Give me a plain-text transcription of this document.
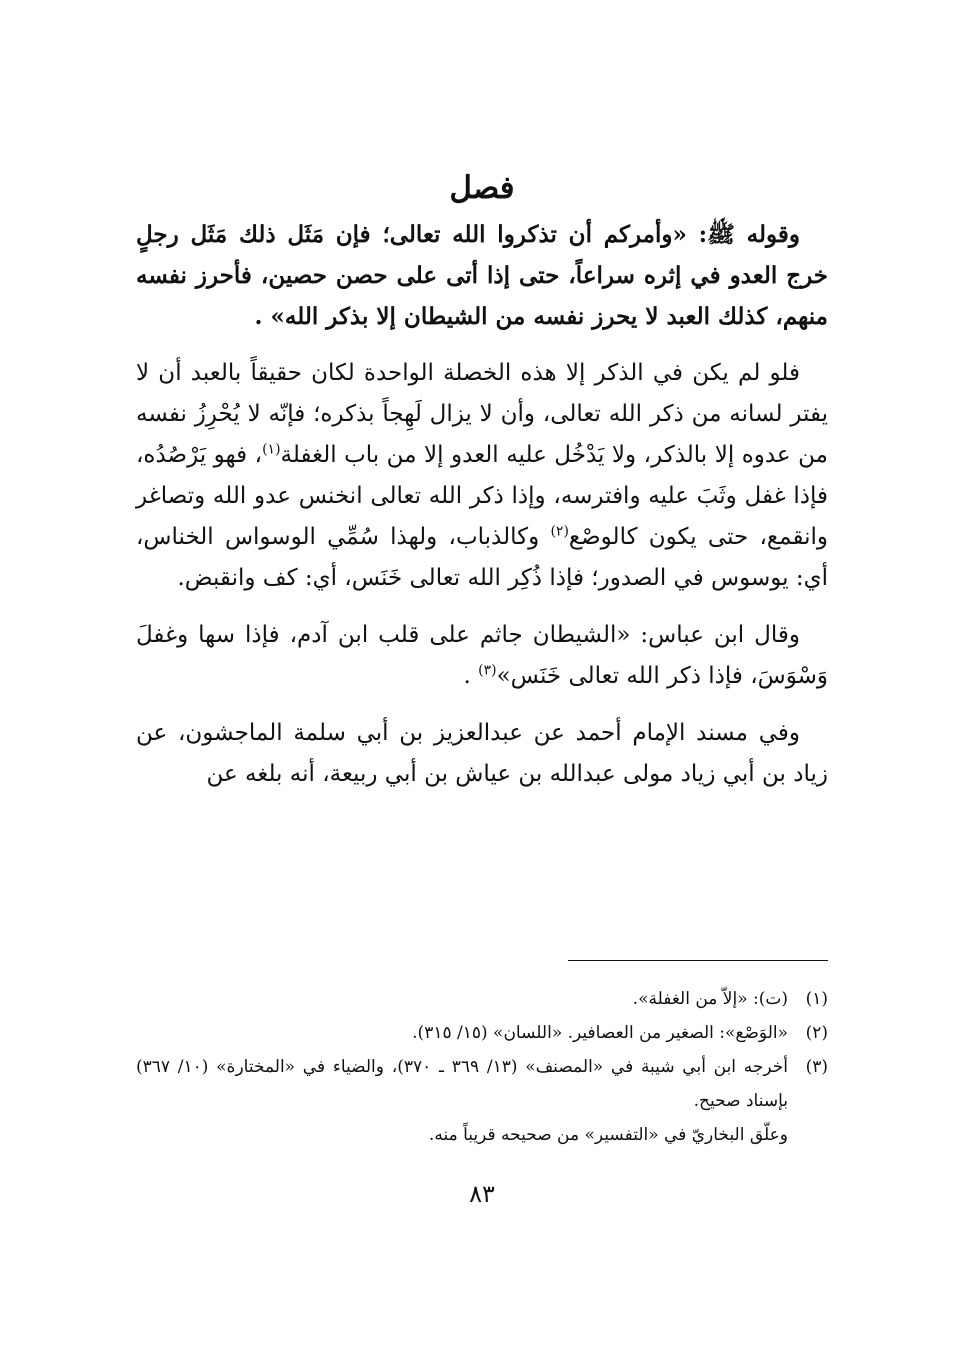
فصل

وقوله ﷺ: «وأمركم أن تذكروا الله تعالى؛ فإن مَثَل ذلك مَثَل رجلٍ خرج العدو في إثره سراعاً، حتى إذا أتى على حصن حصين، فأحرز نفسه منهم، كذلك العبد لا يحرز نفسه من الشيطان إلا بذكر الله» .

فلو لم يكن في الذكر إلا هذه الخصلة الواحدة لكان حقيقاً بالعبد أن لا يفتر لسانه من ذكر الله تعالى، وأن لا يزال لَهِجاً بذكره؛ فإنّه لا يُحْرِزُ نفسه من عدوه إلا بالذكر، ولا يَدْخُل عليه العدو إلا من باب الغفلة$^{(١)}$، فهو يَرْصُدُه، فإذا غفل وثَبَ عليه وافترسه، وإذا ذكر الله تعالى انخنس عدو الله وتصاغر وانقمع، حتى يكون كالوصْع$^{(٢)}$ وكالذباب، ولهذا سُمِّي الوسواس الخناس، أي: يوسوس في الصدور؛ فإذا ذُكِر الله تعالى خَنَس، أي: كف وانقبض.

وقال ابن عباس: «الشيطان جاثم على قلب ابن آدم، فإذا سها وغفلَ وَسْوَسَ، فإذا ذكر الله تعالى خَنَس»$^{(٣)}$ .

وفي مسند الإمام أحمد عن عبدالعزيز بن أبي سلمة الماجشون، عن زياد بن أبي زياد مولى عبدالله بن عياش بن أبي ربيعة، أنه بلغه عن

(١)
(ت): «إلاّ من الغفلة».
(٢)
«الوَصْع»: الصغير من العصافير. «اللسان» (١٥/ ٣١٥).
(٣)
أخرجه ابن أبي شيبة في «المصنف» (١٣/ ٣٦٩ ـ ٣٧٠)، والضياء في «المختارة» (١٠/ ٣٦٧) بإسناد صحيح.
وعلّق البخاريّ في «التفسير» من صحيحه قريباً منه.
٨٣
